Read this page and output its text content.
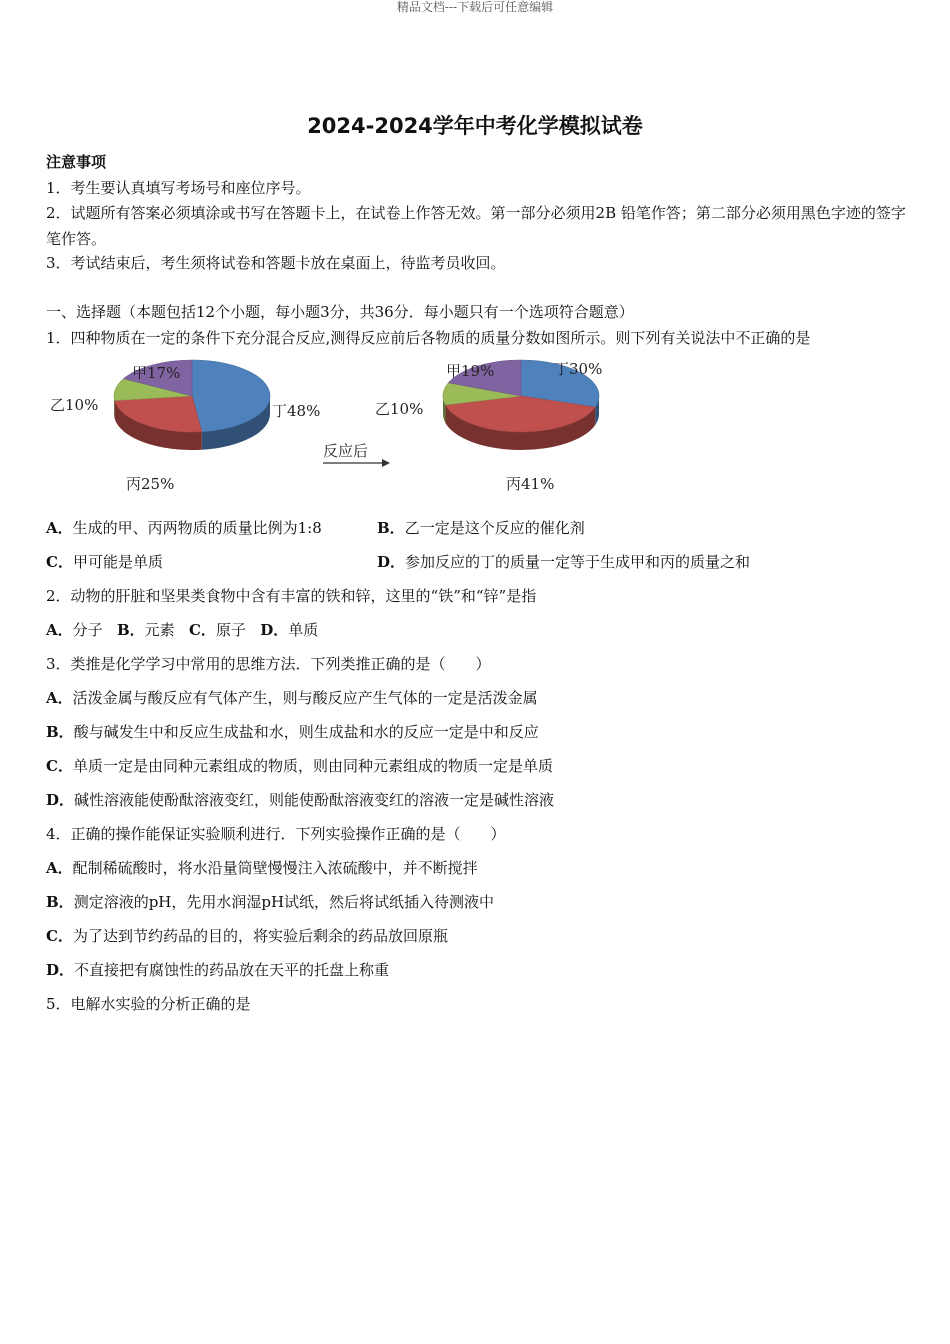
精品文档---下载后可任意编辑
2024-2024学年中考化学模拟试卷
注意事项
1．考生要认真填写考场号和座位序号。
2．试题所有答案必须填涂或书写在答题卡上，在试卷上作答无效。第一部分必须用2B 铅笔作答；第二部分必须用黑色字迹的签字笔作答。
3．考试结束后，考生须将试卷和答题卡放在桌面上，待监考员收回。
一、选择题（本题包括12个小题，每小题3分，共36分．每小题只有一个选项符合题意）
1．四种物质在一定的条件下充分混合反应,测得反应前后各物质的质量分数如图所示。则下列有关说法中不正确的是
甲17%
丁48%
丙25%
乙10%
甲19%	丁30%
丙41%
乙10%
反应后
A．生成的甲、丙两物质的质量比例为1:8	B．乙一定是这个反应的催化剂
C．甲可能是单质	D．参加反应的丁的质量一定等于生成甲和丙的质量之和
2．动物的肝脏和坚果类食物中含有丰富的铁和锌，这里的“铁”和“锌”是指
A．分子 B．元素 C．原子 D．单质
3．类推是化学学习中常用的思维方法．下列类推正确的是（　　）
A．活泼金属与酸反应有气体产生，则与酸反应产生气体的一定是活泼金属
B．酸与碱发生中和反应生成盐和水，则生成盐和水的反应一定是中和反应
C．单质一定是由同种元素组成的物质，则由同种元素组成的物质一定是单质
D．碱性溶液能使酚酞溶液变红，则能使酚酞溶液变红的溶液一定是碱性溶液
4．正确的操作能保证实验顺利进行．下列实验操作正确的是（　　）
A．配制稀硫酸时，将水沿量筒壁慢慢注入浓硫酸中，并不断搅拌
B．测定溶液的pH，先用水润湿pH试纸，然后将试纸插入待测液中
C．为了达到节约药品的目的，将实验后剩余的药品放回原瓶
D．不直接把有腐蚀性的药品放在天平的托盘上称重
5．电解水实验的分析正确的是
